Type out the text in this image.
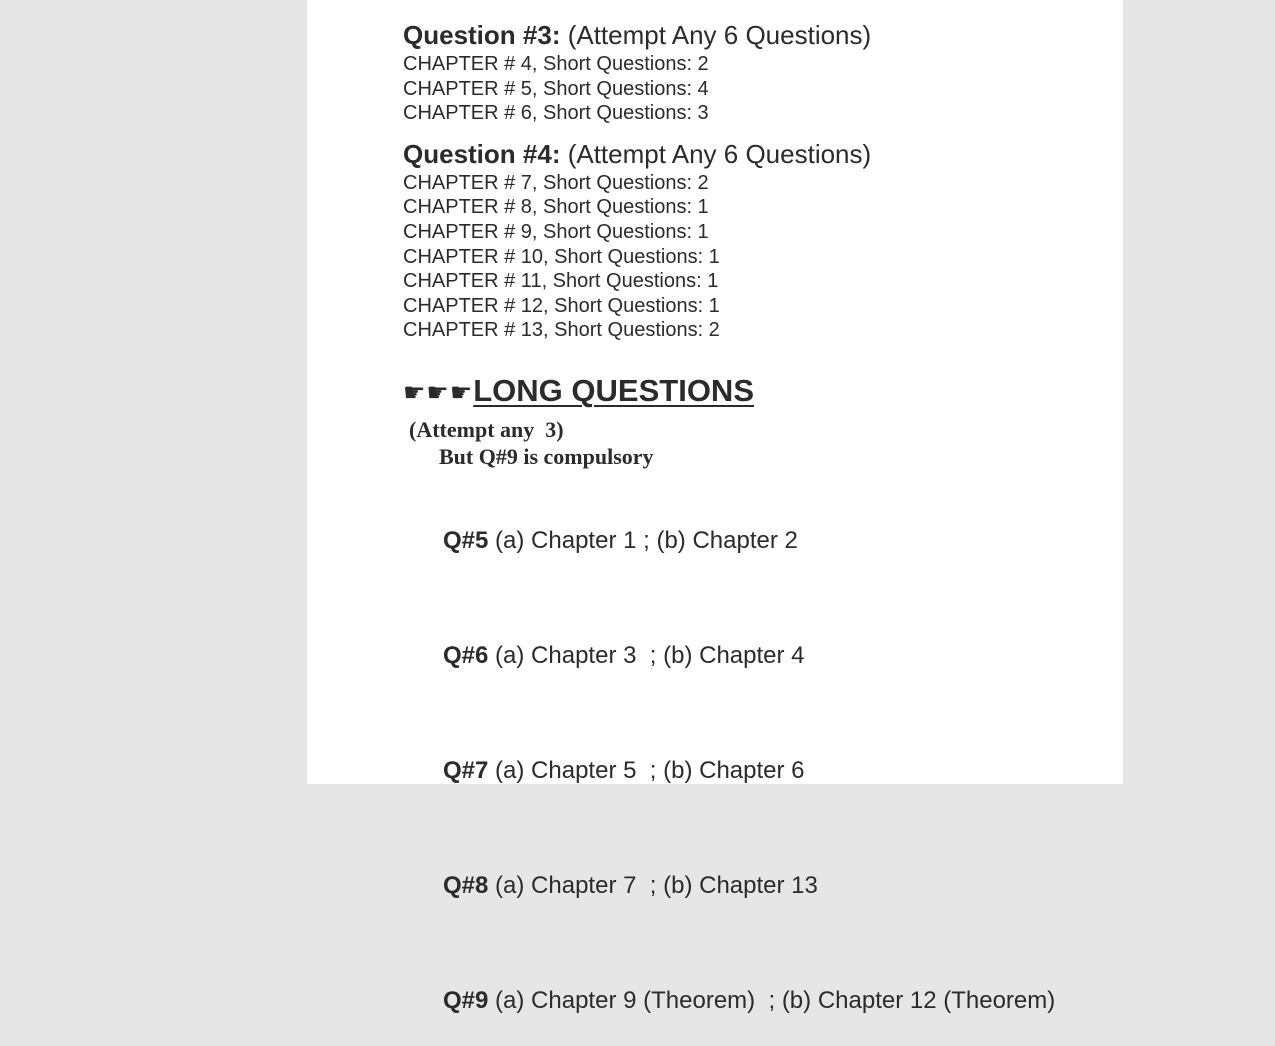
Question #3: (Attempt Any 6 Questions)
CHAPTER # 4, Short Questions: 2
CHAPTER # 5, Short Questions: 4
CHAPTER # 6, Short Questions: 3
Question #4: (Attempt Any 6 Questions)
CHAPTER # 7, Short Questions: 2
CHAPTER # 8, Short Questions: 1
CHAPTER # 9, Short Questions: 1
CHAPTER # 10, Short Questions: 1
CHAPTER # 11, Short Questions: 1
CHAPTER # 12, Short Questions: 1
CHAPTER # 13, Short Questions: 2
☛☛☛LONG QUESTIONS
(Attempt any  3)
But Q#9 is compulsory

Q#5 (a) Chapter 1 ; (b) Chapter 2

Q#6 (a) Chapter 3  ; (b) Chapter 4

Q#7 (a) Chapter 5  ; (b) Chapter 6

Q#8 (a) Chapter 7  ; (b) Chapter 13

Q#9 (a) Chapter 9 (Theorem)  ; (b) Chapter 12 (Theorem)
